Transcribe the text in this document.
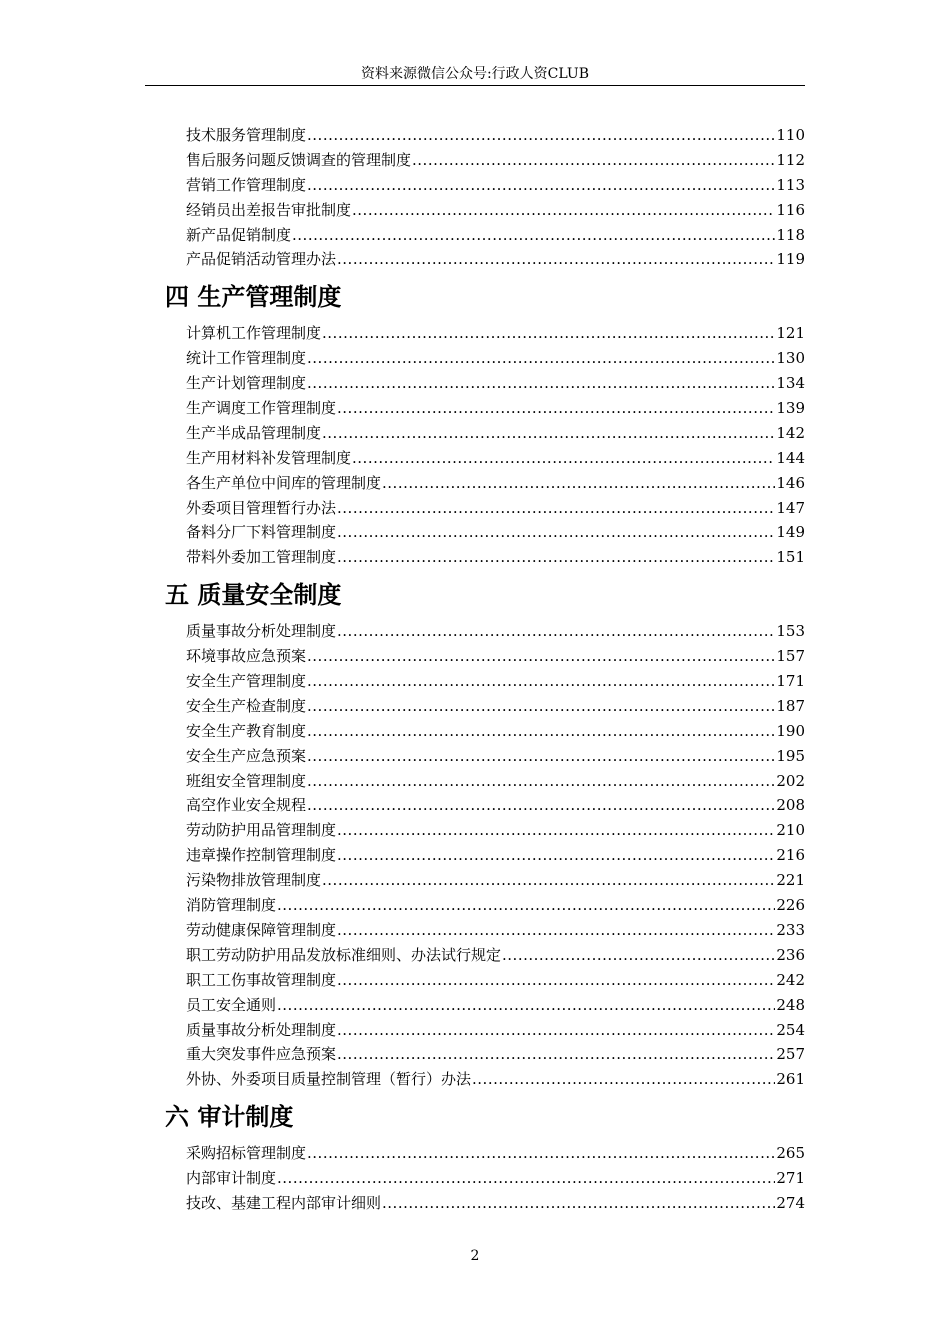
资料来源微信公众号:行政人资CLUB
技术服务管理制度 .....	110
售后服务问题反馈调查的管理制度 .....	112
营销工作管理制度 .....	113
经销员出差报告审批制度 .....	116
新产品促销制度 .....	118
产品促销活动管理办法 .....	119
四 生产管理制度
计算机工作管理制度 .....	121
统计工作管理制度 .....	130
生产计划管理制度 .....	134
生产调度工作管理制度 .....	139
生产半成品管理制度 .....	142
生产用材料补发管理制度 .....	144
各生产单位中间库的管理制度 .....	146
外委项目管理暂行办法 .....	147
备料分厂下料管理制度 .....	149
带料外委加工管理制度 .....	151
五 质量安全制度
质量事故分析处理制度 .....	153
环境事故应急预案 .....	157
安全生产管理制度 .....	171
安全生产检查制度 .....	187
安全生产教育制度 .....	190
安全生产应急预案 .....	195
班组安全管理制度 .....	202
高空作业安全规程 .....	208
劳动防护用品管理制度 .....	210
违章操作控制管理制度 .....	216
污染物排放管理制度 .....	221
消防管理制度 .....	226
劳动健康保障管理制度 .....	233
职工劳动防护用品发放标准细则、办法试行规定 .....	236
职工工伤事故管理制度 .....	242
员工安全通则 .....	248
质量事故分析处理制度 .....	254
重大突发事件应急预案 .....	257
外协、外委项目质量控制管理（暂行）办法 .....	261
六 审计制度
采购招标管理制度 .....	265
内部审计制度 .....	271
技改、基建工程内部审计细则 .....	274
2
